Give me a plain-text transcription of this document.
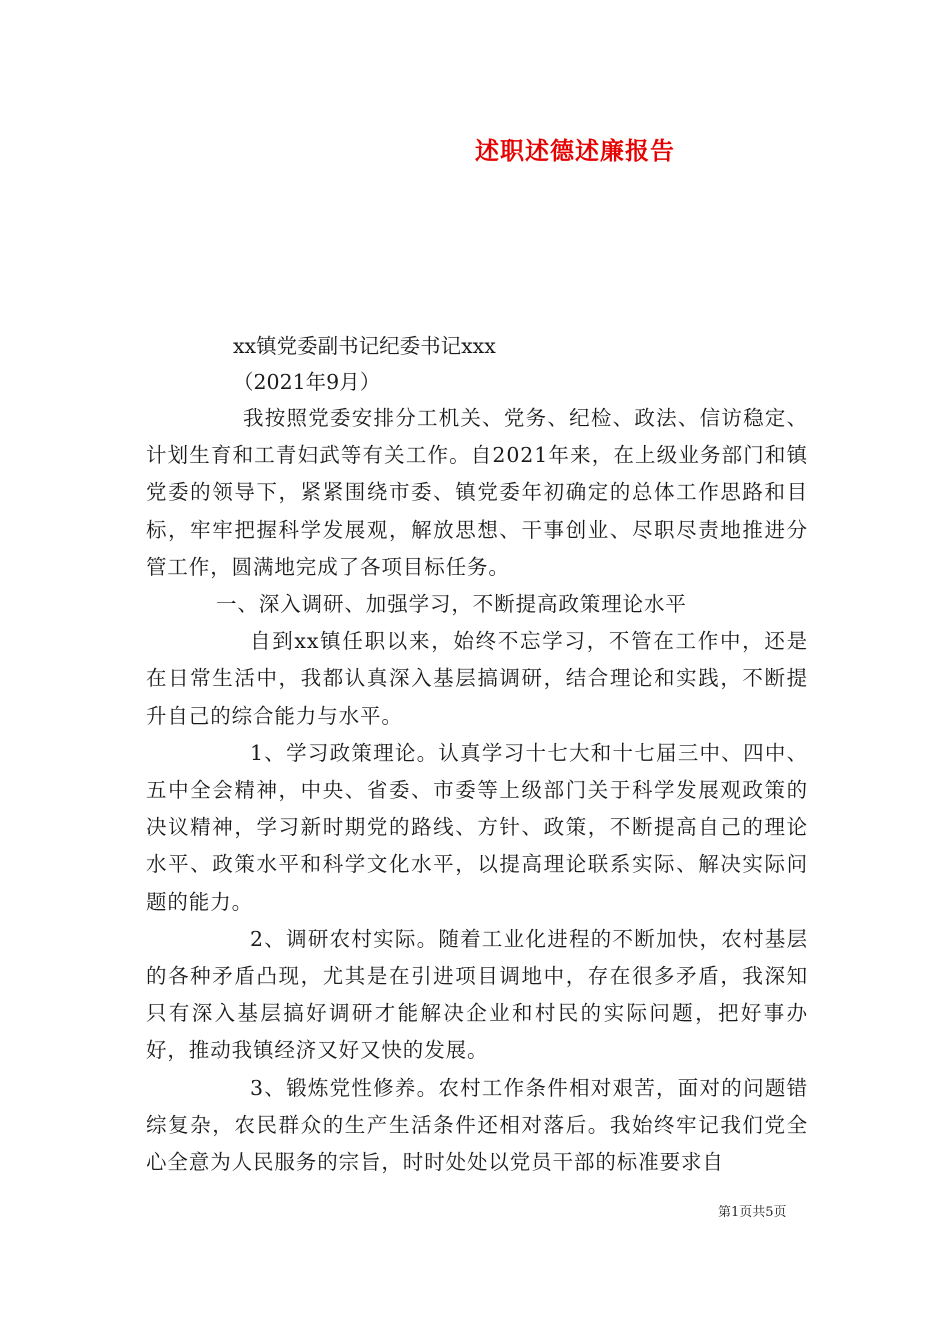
述职述德述廉报告

xx镇党委副书记纪委书记xxx

（2021年9月）

我按照党委安排分工机关、党务、纪检、政法、信访稳定、计划生育和工青妇武等有关工作。自2021年来，在上级业务部门和镇党委的领导下，紧紧围绕市委、镇党委年初确定的总体工作思路和目标，牢牢把握科学发展观，解放思想、干事创业、尽职尽责地推进分管工作，圆满地完成了各项目标任务。

一、深入调研、加强学习，不断提高政策理论水平

自到xx镇任职以来，始终不忘学习，不管在工作中，还是在日常生活中，我都认真深入基层搞调研，结合理论和实践，不断提升自己的综合能力与水平。

1、学习政策理论。认真学习十七大和十七届三中、四中、五中全会精神，中央、省委、市委等上级部门关于科学发展观政策的决议精神，学习新时期党的路线、方针、政策，不断提高自己的理论水平、政策水平和科学文化水平，以提高理论联系实际、解决实际问题的能力。

2、调研农村实际。随着工业化进程的不断加快，农村基层的各种矛盾凸现，尤其是在引进项目调地中，存在很多矛盾，我深知只有深入基层搞好调研才能解决企业和村民的实际问题，把好事办好，推动我镇经济又好又快的发展。

3、锻炼党性修养。农村工作条件相对艰苦，面对的问题错综复杂，农民群众的生产生活条件还相对落后。我始终牢记我们党全心全意为人民服务的宗旨，时时处处以党员干部的标准要求自

第1页共5页
